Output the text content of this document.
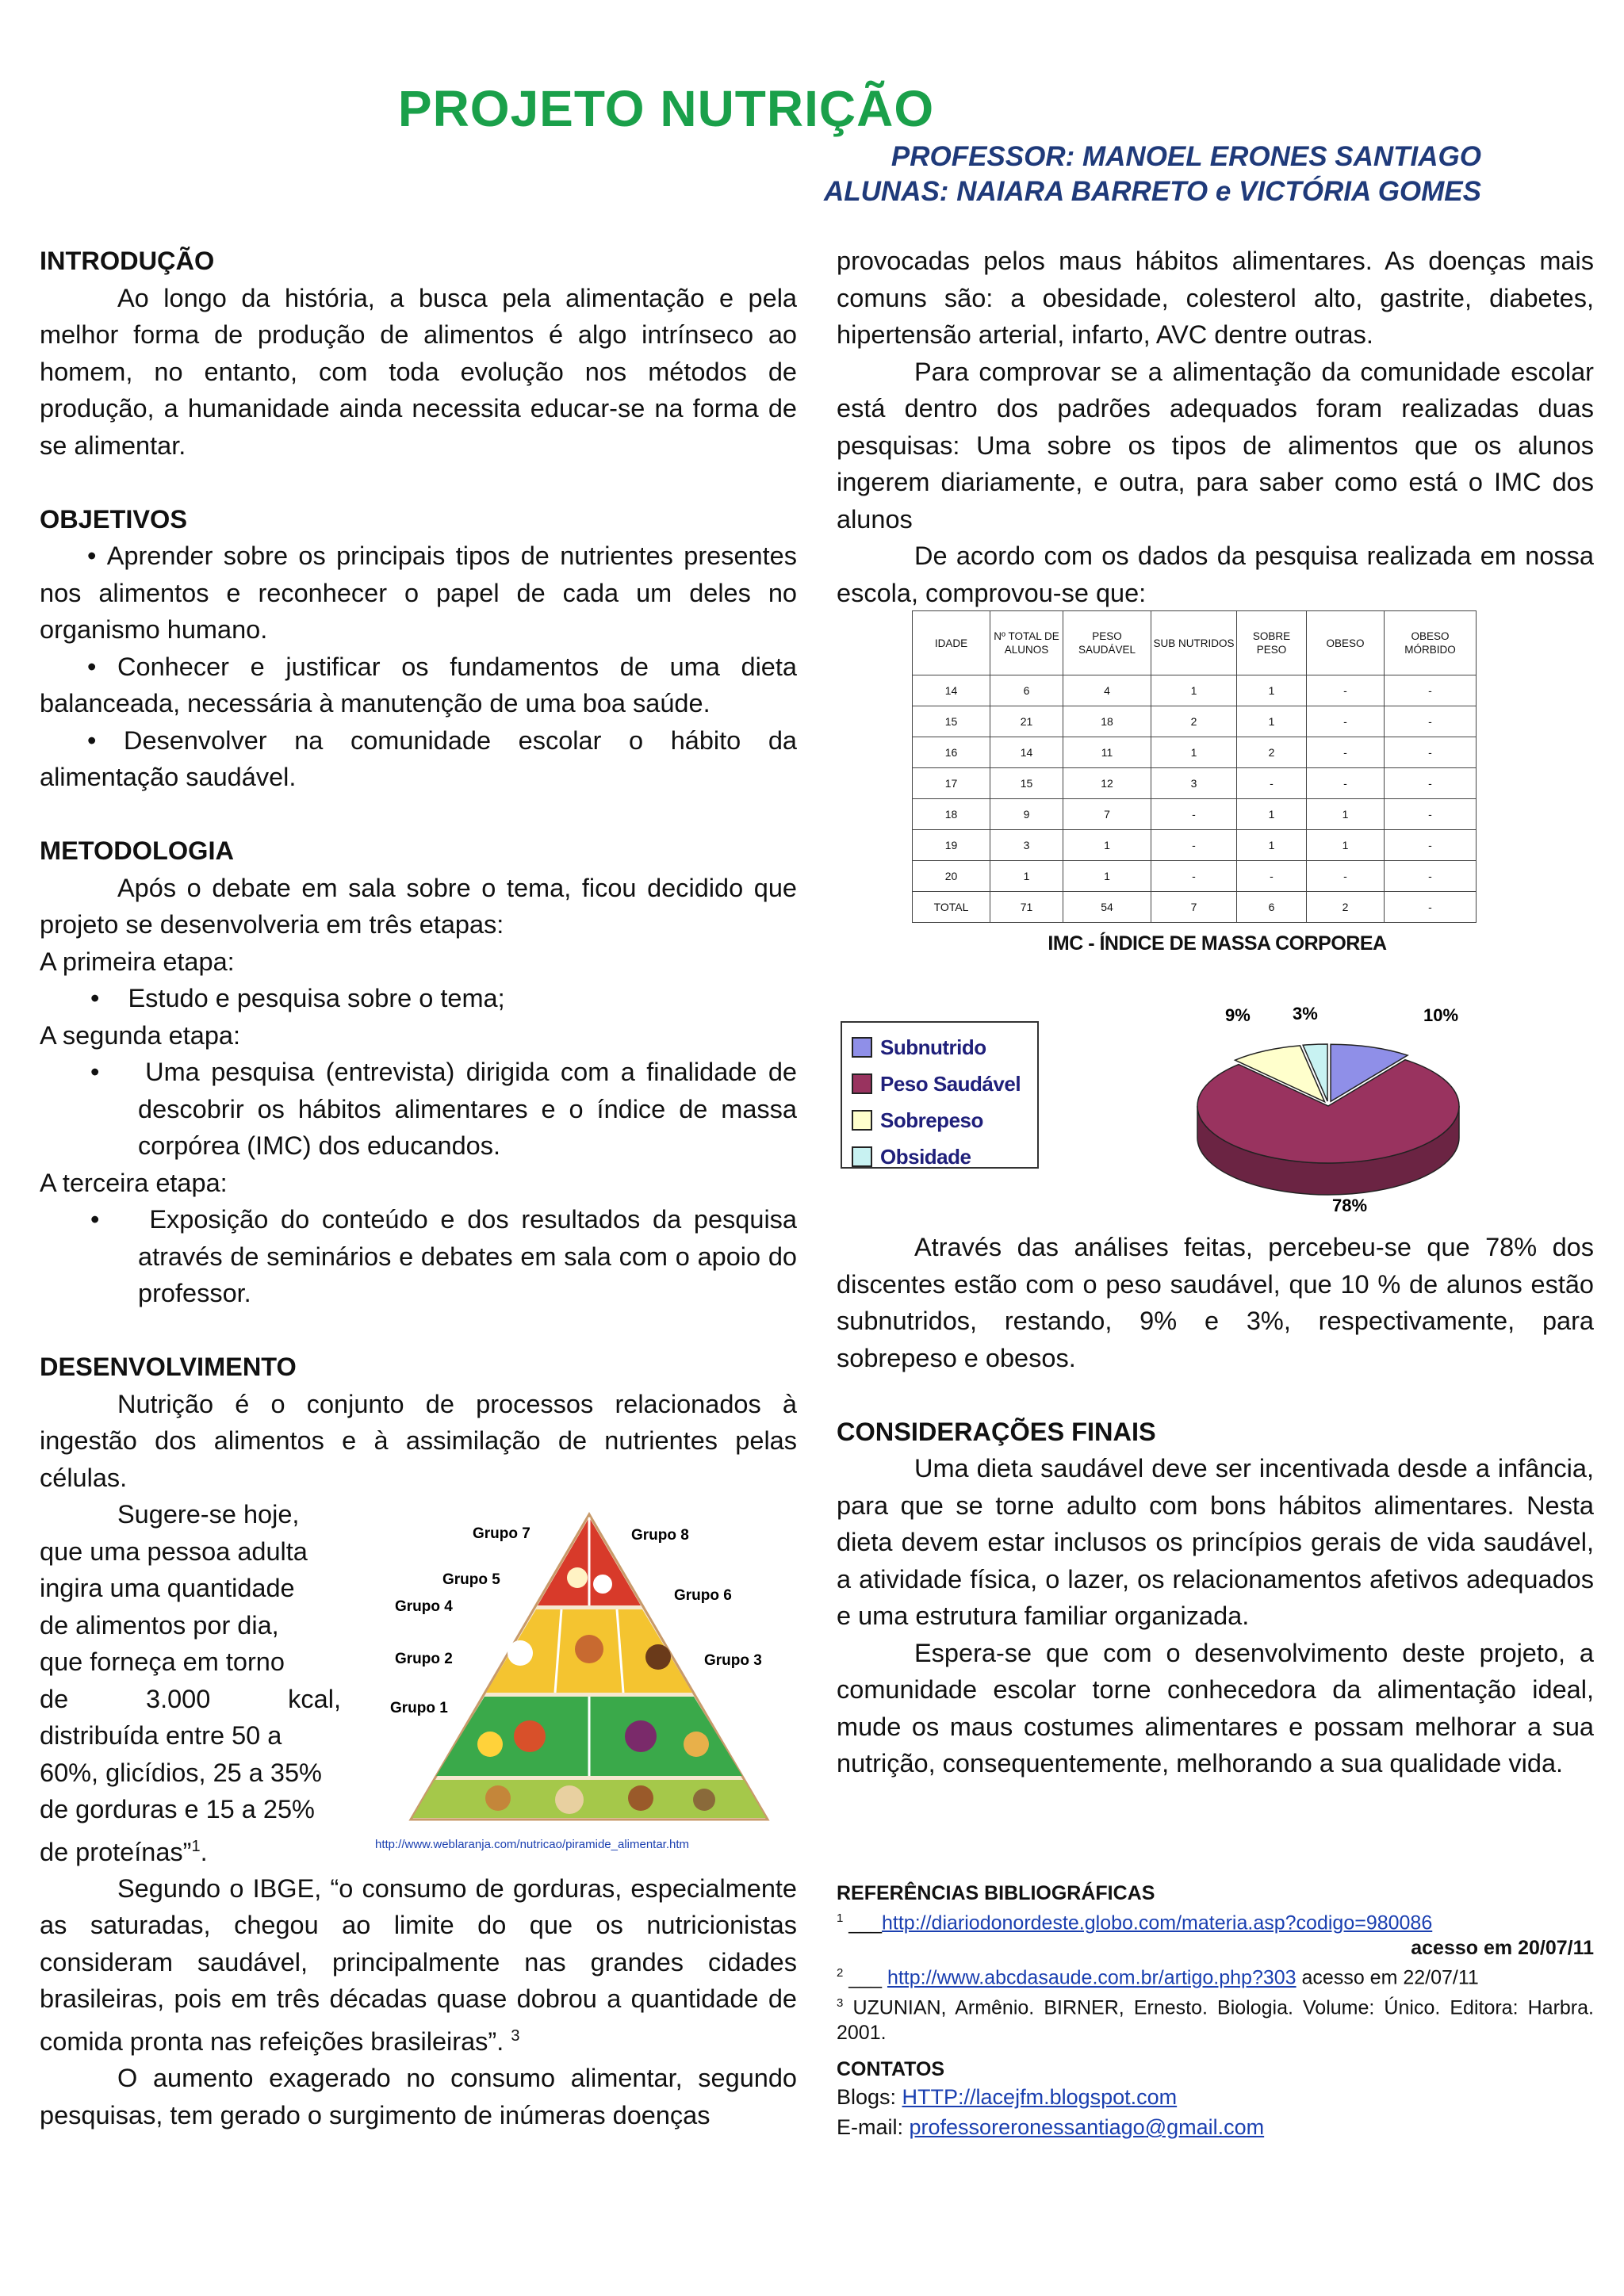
PROJETO NUTRIÇÃO
PROFESSOR: MANOEL ERONES SANTIAGO
ALUNAS: NAIARA BARRETO e VICTÓRIA GOMES

INTRODUÇÃO

Ao longo da história, a busca pela alimentação e pela melhor forma de produção de alimentos é algo intrínseco ao homem, no entanto, com toda evolução nos métodos de produção, a humanidade ainda necessita educar-se na forma de se alimentar.

OBJETIVOS

• Aprender sobre os principais tipos de nutrientes presentes nos alimentos e reconhecer o papel de cada um deles no organismo humano.

• Conhecer e justificar os fundamentos de uma dieta balanceada, necessária à manutenção de uma boa saúde.

• Desenvolver na comunidade escolar o hábito da alimentação saudável.

METODOLOGIA

Após o debate em sala sobre o tema, ficou decidido que projeto se desenvolveria em três etapas:

A primeira etapa:

•    Estudo e pesquisa sobre o tema;

A segunda etapa:

•    Uma pesquisa (entrevista) dirigida com a finalidade de descobrir os hábitos alimentares e o índice de massa corpórea (IMC) dos educandos.

A terceira etapa:

•    Exposição do conteúdo e dos resultados da pesquisa através de seminários e debates em sala com o apoio do professor.

DESENVOLVIMENTO

Nutrição é o conjunto de processos relacionados à ingestão dos alimentos e à assimilação de nutrientes pelas células.

Sugere-se hoje,

que uma pessoa adulta

ingira uma quantidade

de alimentos por dia,

que forneça em torno

de 3.000 kcal,

distribuída entre 50 a

60%, glicídios, 25 a 35%

de gorduras e 15 a 25%

de proteínas”$^1$.

Segundo o IBGE, “o consumo de gorduras, especialmente as saturadas, chegou ao limite do que os nutricionistas consideram saudável, principalmente nas grandes cidades brasileiras, pois em três décadas quase dobrou a quantidade de comida pronta nas refeições brasileiras”. $^3$

O aumento exagerado no consumo alimentar, segundo pesquisas, tem gerado o surgimento de inúmeras doenças

Grupo 7	Grupo 8
Grupo 5
Grupo 6
Grupo 4
Grupo 2	Grupo 3
Grupo 1
http://www.weblaranja.com/nutricao/piramide_alimentar.htm

provocadas pelos maus hábitos alimentares. As doenças mais comuns são: a obesidade, colesterol alto, gastrite, diabetes, hipertensão arterial, infarto, AVC dentre outras.

Para comprovar se a alimentação da comunidade escolar está dentro dos padrões adequados foram realizadas duas pesquisas: Uma sobre os tipos de alimentos que os alunos ingerem diariamente, e outra, para saber como está o IMC dos alunos

De acordo com os dados da pesquisa realizada em nossa escola, comprovou-se que:

IDADE	Nº TOTAL DE ALUNOS	PESO SAUDÁVEL	SUB NUTRIDOS	SOBRE PESO	OBESO	OBESO MÓRBIDO
14	6	4	1	1	-	-
15	21	18	2	1	-	-
16	14	11	1	2	-	-
17	15	12	3	-	-	-
18	9	7	-	1	1	-
19	3	1	-	1	1	-
20	1	1	-	-	-	-
TOTAL	71	54	7	6	2	-
IMC - ÍNDICE DE MASSA CORPOREA
Subnutrido
Peso Saudável
Sobrepeso
Obsidade
10%
78%
9% 3%

Através das análises feitas, percebeu-se que 78% dos discentes estão com o peso saudável, que 10 % de alunos estão subnutridos, restando, 9% e 3%, respectivamente, para sobrepeso e obesos.

CONSIDERAÇÕES FINAIS

Uma dieta saudável deve ser incentivada desde a infância, para que se torne adulto com bons hábitos alimentares. Nesta dieta devem estar inclusos os princípios gerais de vida saudável, a atividade física, o lazer, os relacionamentos afetivos adequados e uma estrutura familiar organizada.

Espera-se que com o desenvolvimento deste projeto, a comunidade escolar torne conhecedora da alimentação ideal, mude os maus costumes alimentares e possam melhorar a sua nutrição, consequentemente, melhorando a sua qualidade vida.

REFERÊNCIAS BIBLIOGRÁFICAS
$^1$ ___http://diariodonordeste.globo.com/materia.asp?codigo=980086
acesso em 20/07/11
$^2$ ___ http://www.abcdasaude.com.br/artigo.php?303 acesso em 22/07/11
$^3$ UZUNIAN, Armênio. BIRNER, Ernesto. Biologia. Volume: Único. Editora: Harbra. 2001.
CONTATOS
Blogs: HTTP://lacejfm.blogspot.com
E-mail: professoreronessantiago@gmail.com
